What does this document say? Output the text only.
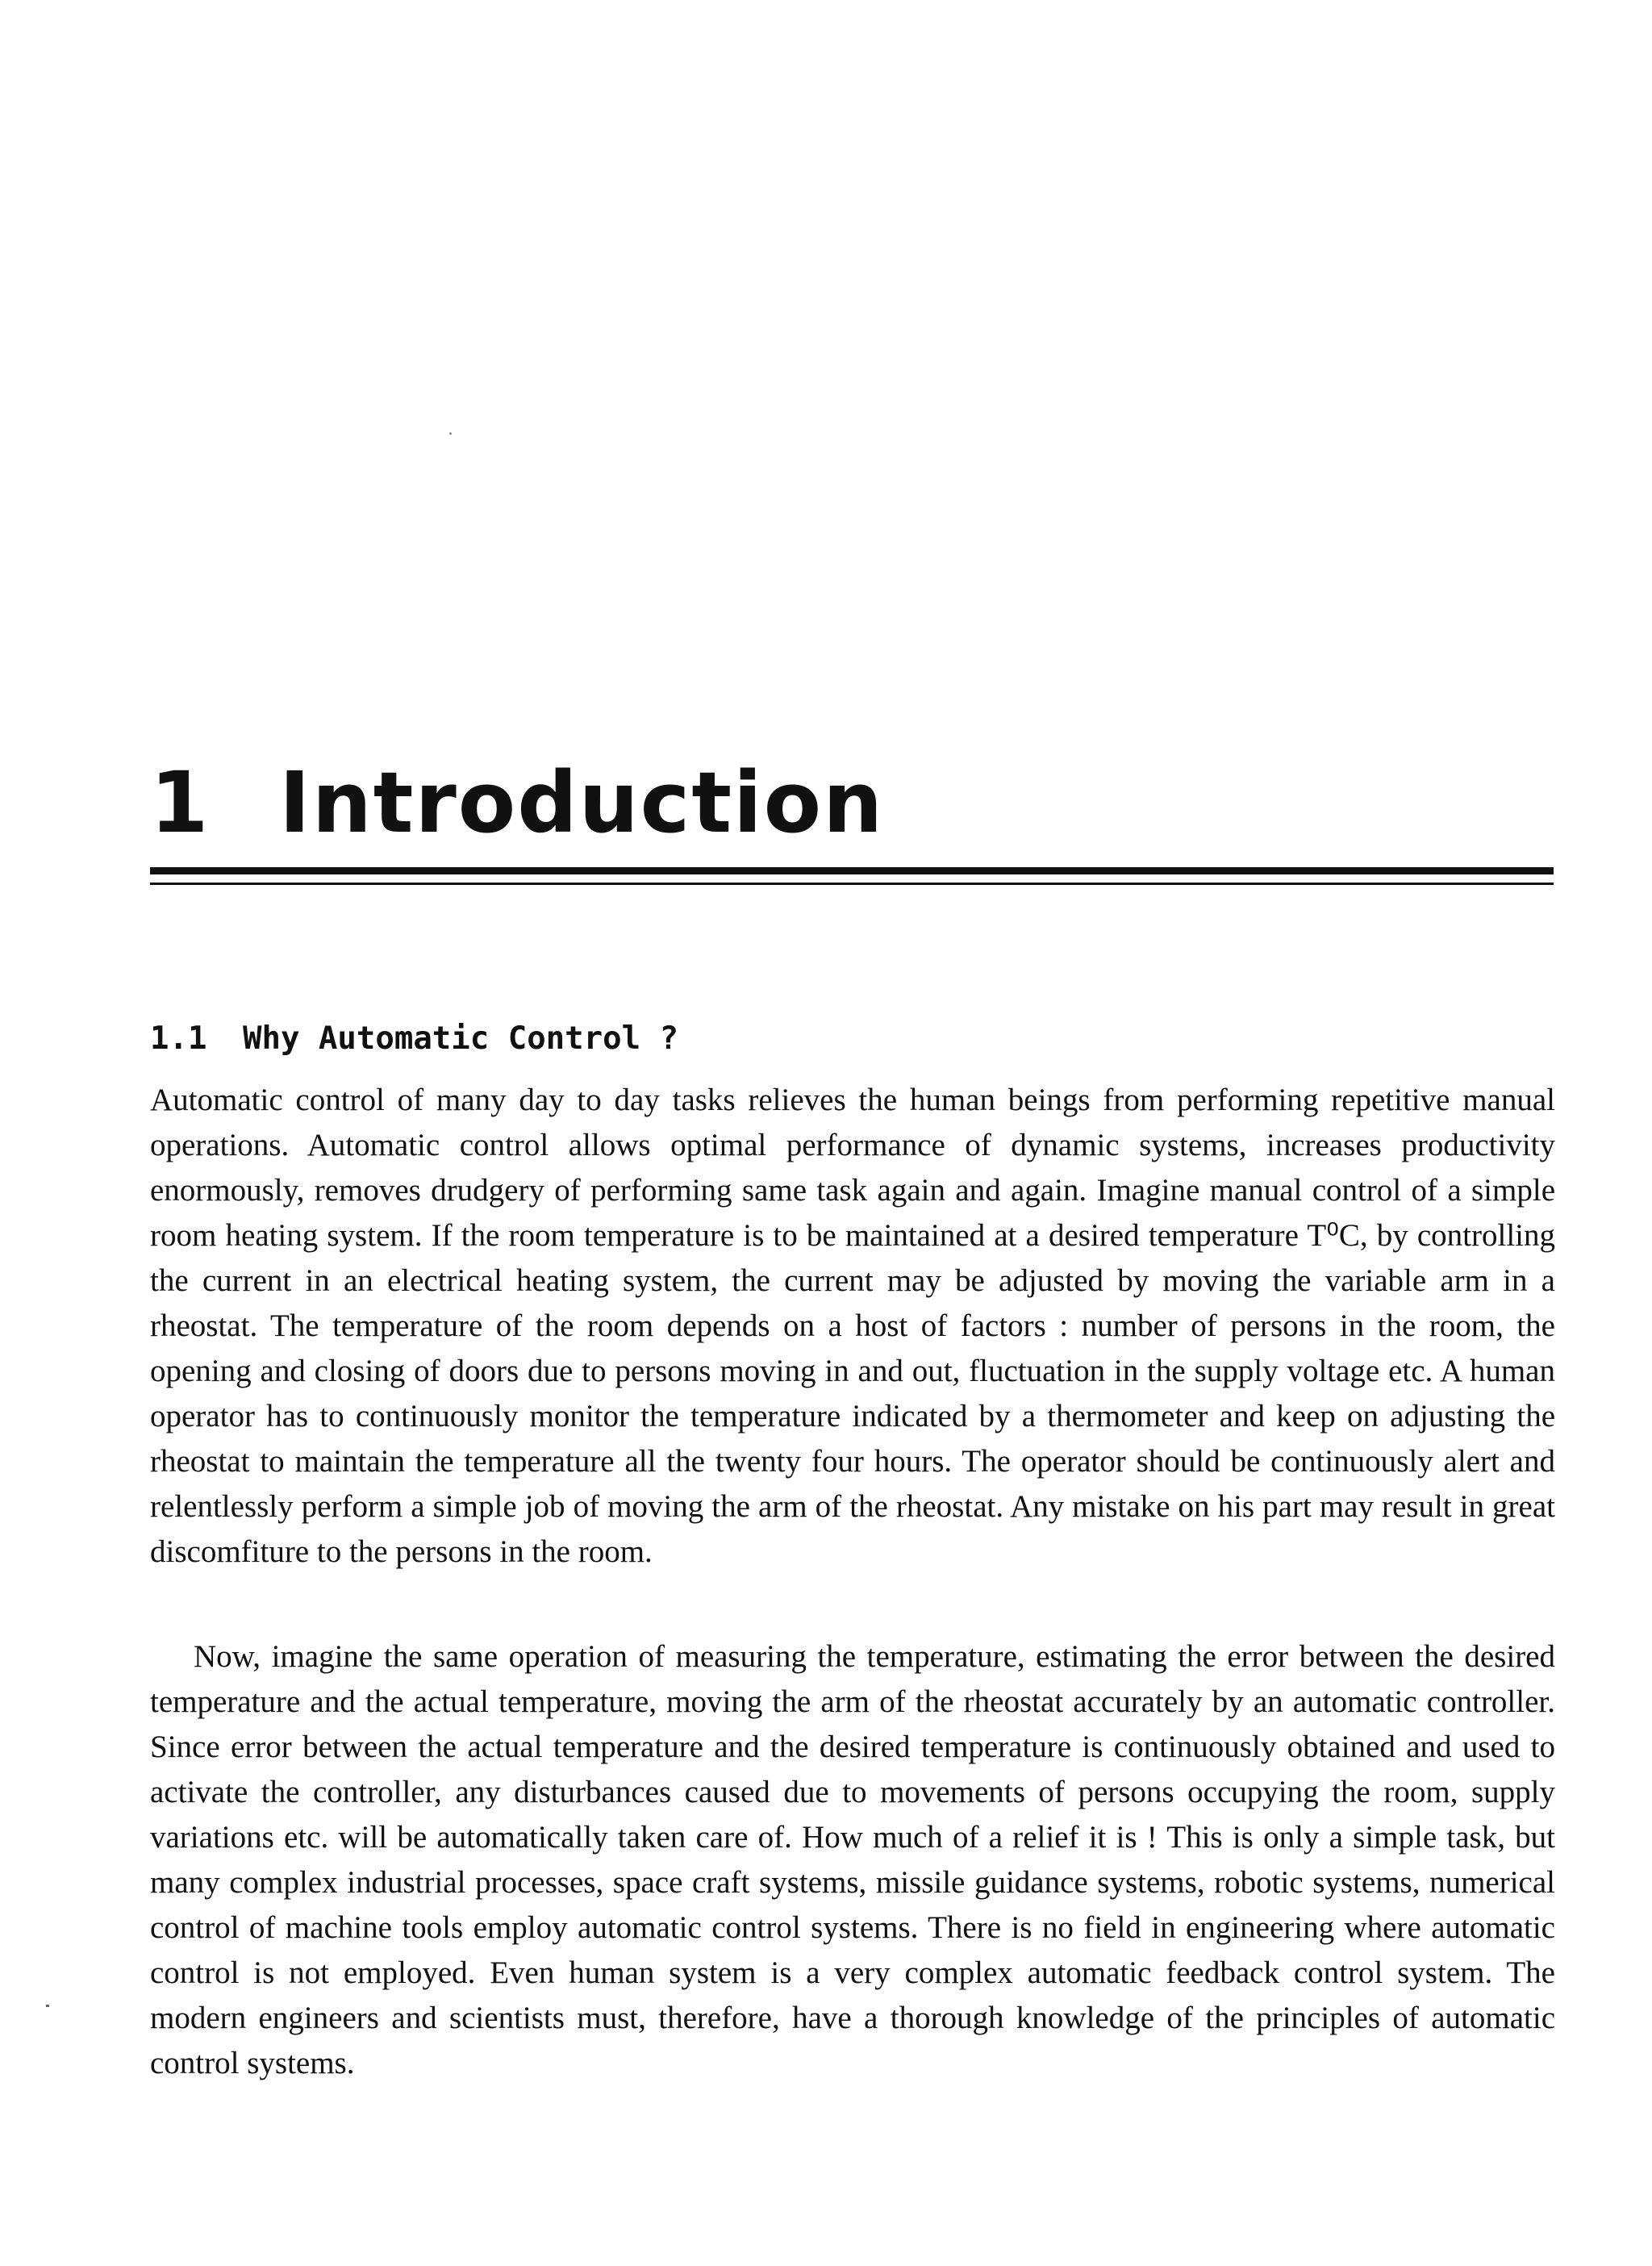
1 Introduction
1.1 Why Automatic Control ?

Automatic control of many day to day tasks relieves the human beings from performing repetitive manual operations. Automatic control allows optimal performance of dynamic systems, increases productivity enormously, removes drudgery of performing same task again and again. Imagine manual control of a simple room heating system. If the room temperature is to be maintained at a desired temperature T⁰C, by controlling the current in an electrical heating system, the current may be adjusted by moving the variable arm in a rheostat. The temperature of the room depends on a host of factors : number of persons in the room, the opening and closing of doors due to persons moving in and out, fluctuation in the supply voltage etc. A human operator has to continuously monitor the temperature indicated by a thermometer and keep on adjusting the rheostat to maintain the temperature all the twenty four hours. The operator should be continuously alert and relentlessly perform a simple job of moving the arm of the rheostat. Any mistake on his part may result in great discomfiture to the persons in the room.

Now, imagine the same operation of measuring the temperature, estimating the error between the desired temperature and the actual temperature, moving the arm of the rheostat accurately by an automatic controller. Since error between the actual temperature and the desired temperature is continuously obtained and used to activate the controller, any disturbances caused due to movements of persons occupying the room, supply variations etc. will be automatically taken care of. How much of a relief it is ! This is only a simple task, but many complex industrial processes, space craft systems, missile guidance systems, robotic systems, numerical control of machine tools employ automatic control systems. There is no field in engineering where automatic control is not employed. Even human system is a very complex automatic feedback control system. The modern engineers and scientists must, therefore, have a thorough knowledge of the principles of automatic control systems.
